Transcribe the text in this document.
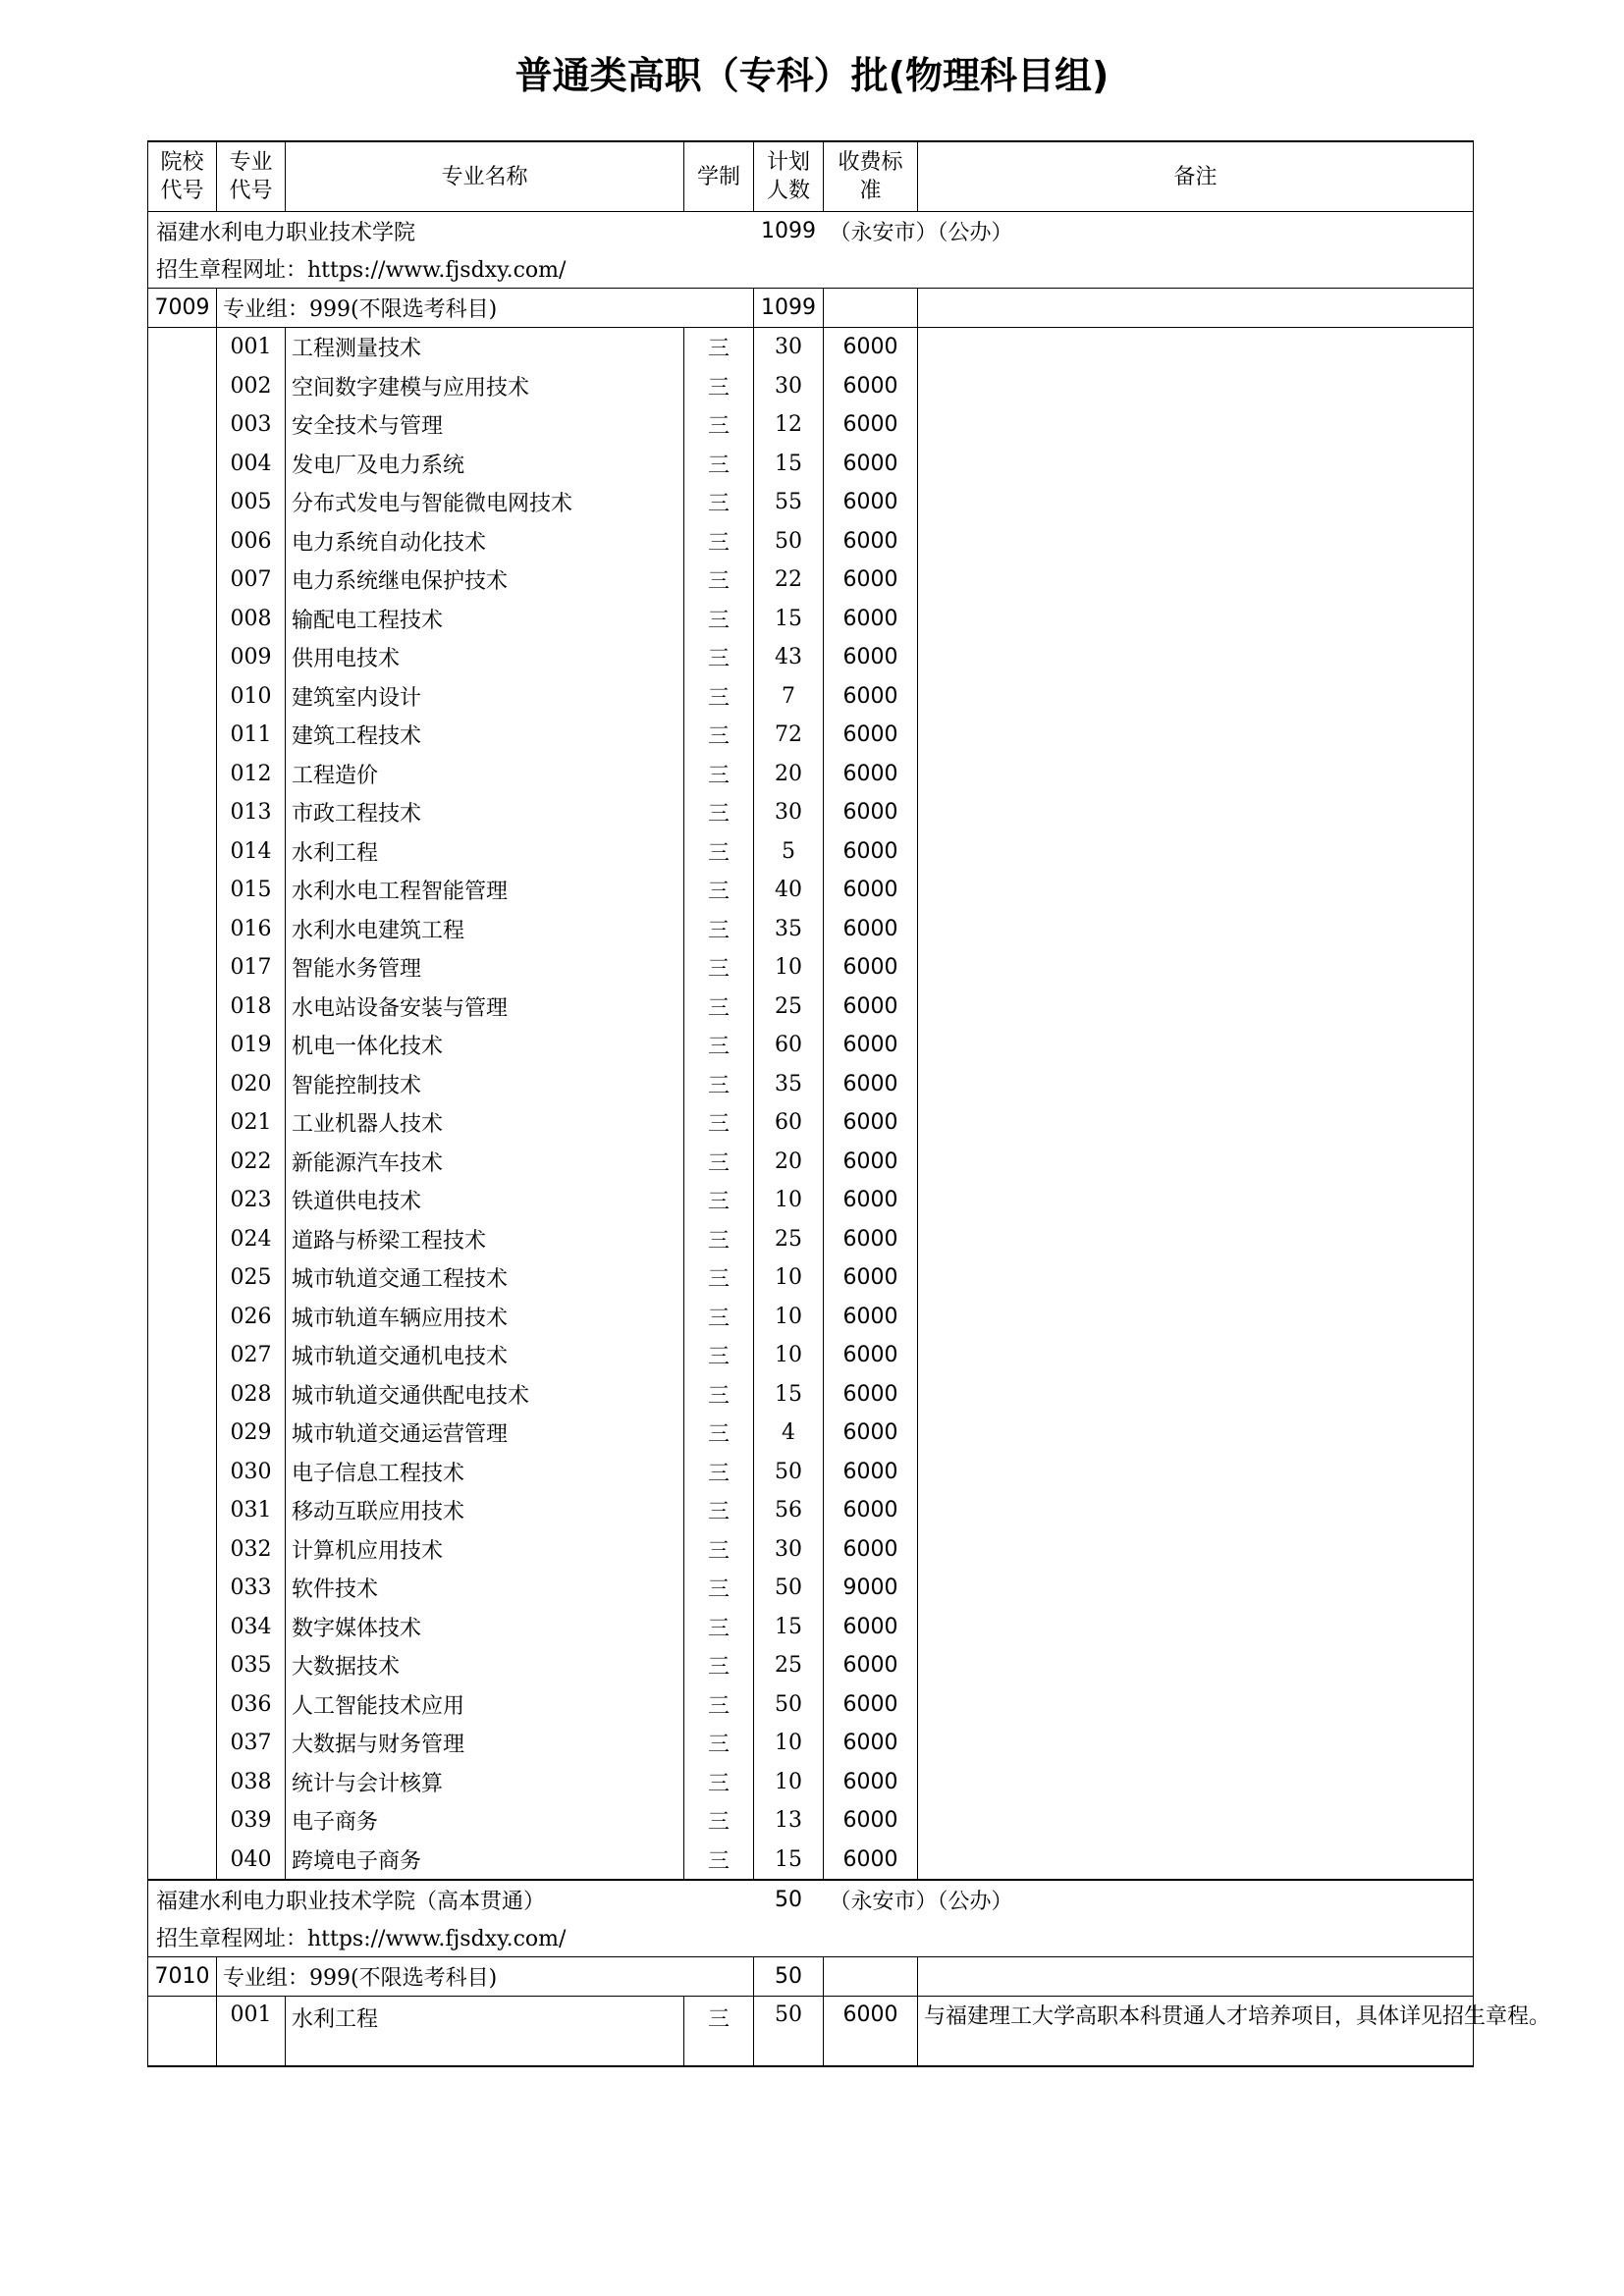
普通类高职（专科）批(物理科目组)
院校代号	专业代号	专业名称	学制	计划人数	收费标准	备注
福建水利电力职业技术学院				1099	（永安市）（公办）	
招生章程网址：https://www.fjsdxy.com/						
7009	专业组：999(不限选考科目)			1099		
	001	工程测量技术	三	30	6000	
	002	空间数字建模与应用技术	三	30	6000	
	003	安全技术与管理	三	12	6000	
	004	发电厂及电力系统	三	15	6000	
	005	分布式发电与智能微电网技术	三	55	6000	
	006	电力系统自动化技术	三	50	6000	
	007	电力系统继电保护技术	三	22	6000	
	008	输配电工程技术	三	15	6000	
	009	供用电技术	三	43	6000	
	010	建筑室内设计	三	7	6000	
	011	建筑工程技术	三	72	6000	
	012	工程造价	三	20	6000	
	013	市政工程技术	三	30	6000	
	014	水利工程	三	5	6000	
	015	水利水电工程智能管理	三	40	6000	
	016	水利水电建筑工程	三	35	6000	
	017	智能水务管理	三	10	6000	
	018	水电站设备安装与管理	三	25	6000	
	019	机电一体化技术	三	60	6000	
	020	智能控制技术	三	35	6000	
	021	工业机器人技术	三	60	6000	
	022	新能源汽车技术	三	20	6000	
	023	铁道供电技术	三	10	6000	
	024	道路与桥梁工程技术	三	25	6000	
	025	城市轨道交通工程技术	三	10	6000	
	026	城市轨道车辆应用技术	三	10	6000	
	027	城市轨道交通机电技术	三	10	6000	
	028	城市轨道交通供配电技术	三	15	6000	
	029	城市轨道交通运营管理	三	4	6000	
	030	电子信息工程技术	三	50	6000	
	031	移动互联应用技术	三	56	6000	
	032	计算机应用技术	三	30	6000	
	033	软件技术	三	50	9000	
	034	数字媒体技术	三	15	6000	
	035	大数据技术	三	25	6000	
	036	人工智能技术应用	三	50	6000	
	037	大数据与财务管理	三	10	6000	
	038	统计与会计核算	三	10	6000	
	039	电子商务	三	13	6000	
	040	跨境电子商务	三	15	6000	
福建水利电力职业技术学院（高本贯通）				50	（永安市）（公办）	
招生章程网址：https://www.fjsdxy.com/						
7010	专业组：999(不限选考科目)			50		
	001	水利工程	三	50	6000	与福建理工大学高职本科贯通人才培养项目，具体详见招生章程。
